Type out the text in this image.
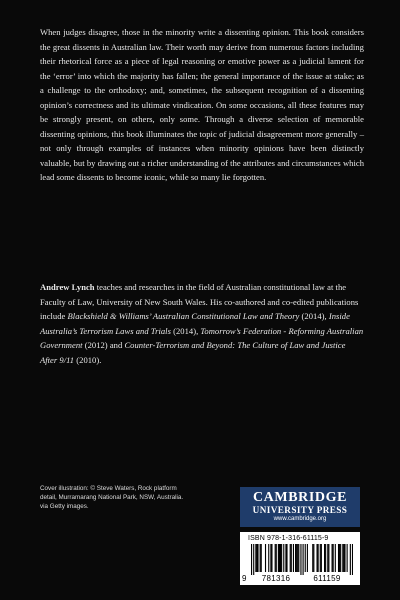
When judges disagree, those in the minority write a dissenting opinion. This book considers the great dissents in Australian law. Their worth may derive from numerous factors including their rhetorical force as a piece of legal reasoning or emotive power as a judicial lament for the ‘error’ into which the majority has fallen; the general importance of the issue at stake; as a challenge to the orthodoxy; and, sometimes, the subsequent recognition of a dissenting opinion’s correctness and its ultimate vindication. On some occasions, all these features may be strongly present, on others, only some. Through a diverse selection of memorable dissenting opinions, this book illuminates the topic of judicial disagreement more generally – not only through examples of instances when minority opinions have been distinctly valuable, but by drawing out a richer understanding of the attributes and circumstances which lead some dissents to become iconic, while so many lie forgotten.

Andrew Lynch teaches and researches in the field of Australian constitutional law at the Faculty of Law, University of New South Wales. His co-authored and co-edited publications include Blackshield & Williams’ Australian Constitutional Law and Theory (2014), Inside Australia’s Terrorism Laws and Trials (2014), Tomorrow’s Federation - Reforming Australian Government (2012) and Counter-Terrorism and Beyond: The Culture of Law and Justice After 9/11 (2010).

Cover illustration: © Steve Waters, Rock platform detail, Murramarang National Park, NSW, Australia. via Getty images.

CAMBRIDGE
UNIVERSITY PRESS
www.cambridge.org
ISBN 978-1-316-61115-9
9	781316	611159
